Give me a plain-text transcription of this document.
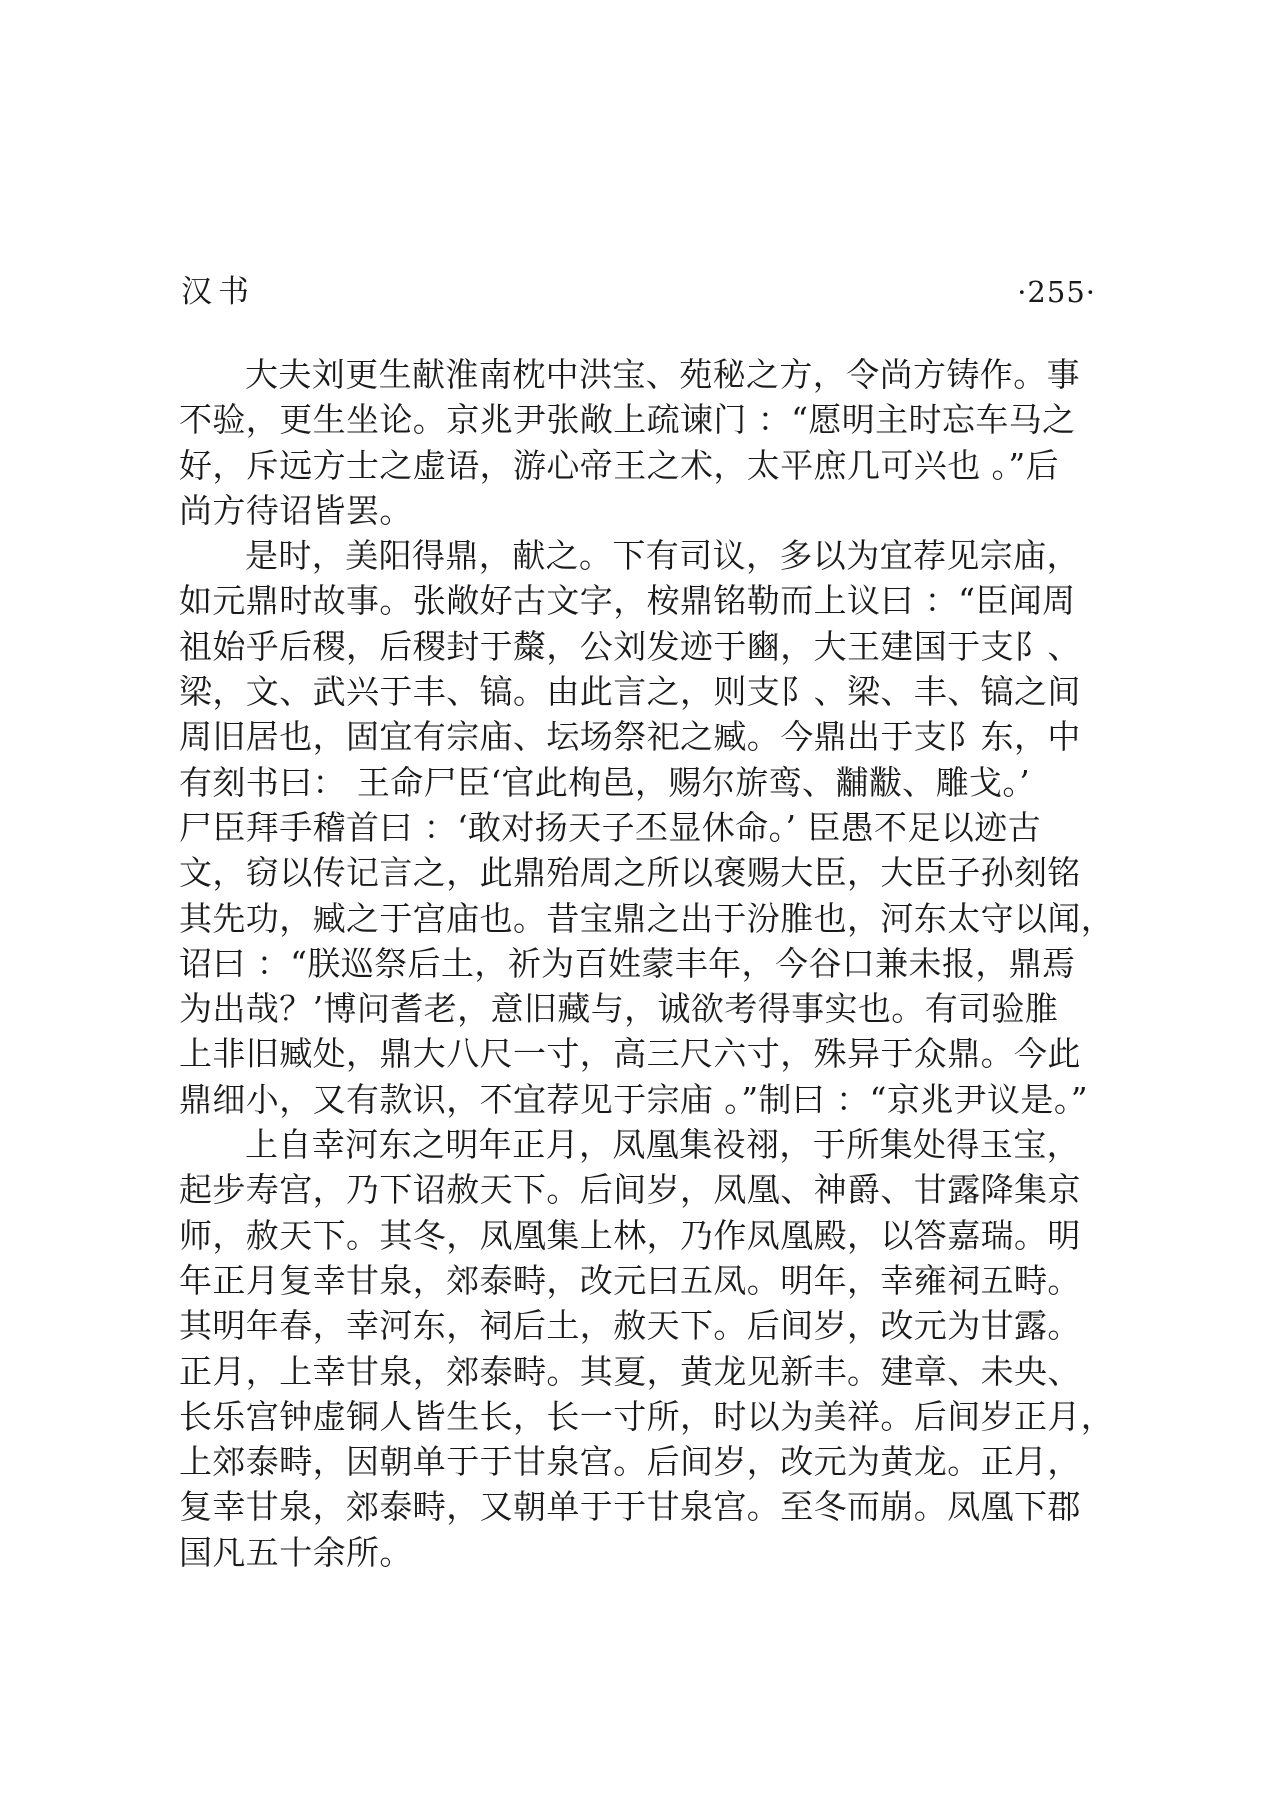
汉书	·255·
大夫刘更生献淮南枕中洪宝、苑秘之方，令尚方铸作。事
不验，更生坐论。京兆尹张敞上疏谏门 ：“愿明主时忘车马之
好，斥远方士之虚语，游心帝王之术，太平庶几可兴也 。”后
尚方待诏皆罢。
是时，美阳得鼎，献之。下有司议，多以为宜荐见宗庙，
如元鼎时故事。张敞好古文字，桉鼎铭勒而上议曰 ：“臣闻周
祖始乎后稷，后稷封于斄，公刘发迹于豳，大王建国于支阝、
梁，文、武兴于丰、镐。由此言之，则支阝、梁、丰、镐之间
周旧居也，固宜有宗庙、坛场祭祀之臧。今鼎出于支阝东，中
有刻书曰： 王命尸臣‘官此栒邑，赐尔旂鸾、黼黻、雕戈。’
尸臣拜手稽首曰 ：‘敢对扬天子丕显休命。’ 臣愚不足以迹古
文，窃以传记言之，此鼎殆周之所以褒赐大臣，大臣子孙刻铭
其先功，臧之于宫庙也。昔宝鼎之出于汾脽也，河东太守以闻，
诏曰 ：“朕巡祭后土，祈为百姓蒙丰年，今谷口兼未报，鼎焉
为出哉？’博问耆老，意旧藏与，诚欲考得事实也。有司验脽
上非旧臧处，鼎大八尺一寸，高三尺六寸，殊异于众鼎。今此
鼎细小，又有款识，不宜荐见于宗庙 。”制曰 ：“京兆尹议是。”
上自幸河东之明年正月，凤凰集祋祤，于所集处得玉宝，
起步寿宫，乃下诏赦天下。后间岁，凤凰、神爵、甘露降集京
师，赦天下。其冬，凤凰集上林，乃作凤凰殿，以答嘉瑞。明
年正月复幸甘泉，郊泰畤，改元曰五凤。明年，幸雍祠五畤。
其明年春，幸河东，祠后土，赦天下。后间岁，改元为甘露。
正月，上幸甘泉，郊泰畤。其夏，黄龙见新丰。建章、未央、
长乐宫钟虚铜人皆生长，长一寸所，时以为美祥。后间岁正月，
上郊泰畤，因朝单于于甘泉宫。后间岁，改元为黄龙。正月，
复幸甘泉，郊泰畤，又朝单于于甘泉宫。至冬而崩。凤凰下郡
国凡五十余所。
